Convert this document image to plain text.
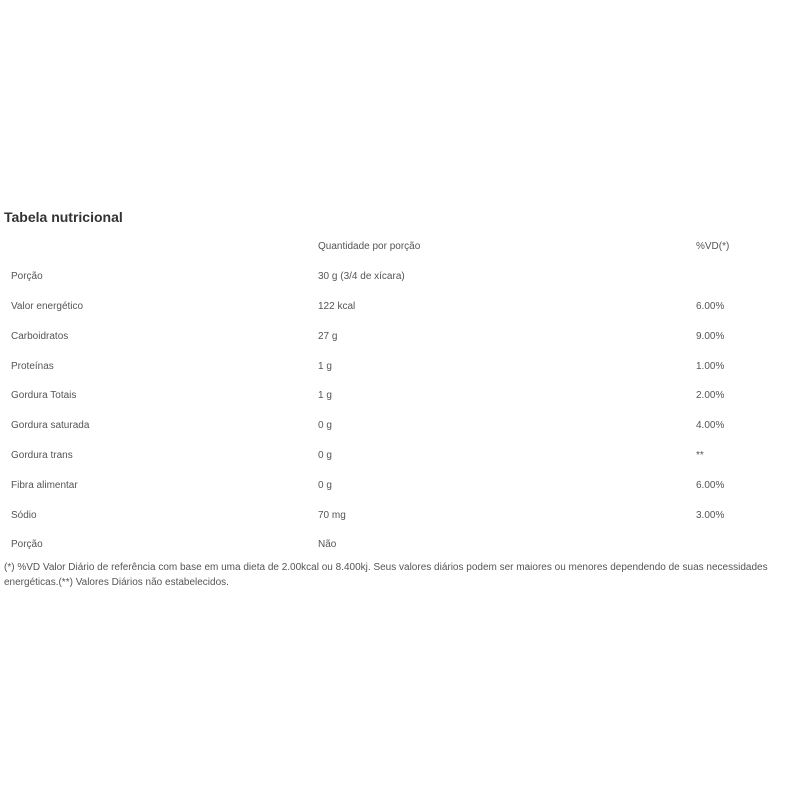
Tabela nutricional
	Quantidade por porção	%VD(*)
Porção	30 g (3/4 de xícara)	
Valor energético	122 kcal	6.00%
Carboidratos	27 g	9.00%
Proteínas	1 g	1.00%
Gordura Totais	1 g	2.00%
Gordura saturada	0 g	4.00%
Gordura trans	0 g	**
Fibra alimentar	0 g	6.00%
Sódio	70 mg	3.00%
Porção	Não	

(*) %VD Valor Diário de referência com base em uma dieta de 2.00kcal ou 8.400kj. Seus valores diários podem ser maiores ou menores dependendo de suas necessidades energéticas.(**) Valores Diários não estabelecidos.
